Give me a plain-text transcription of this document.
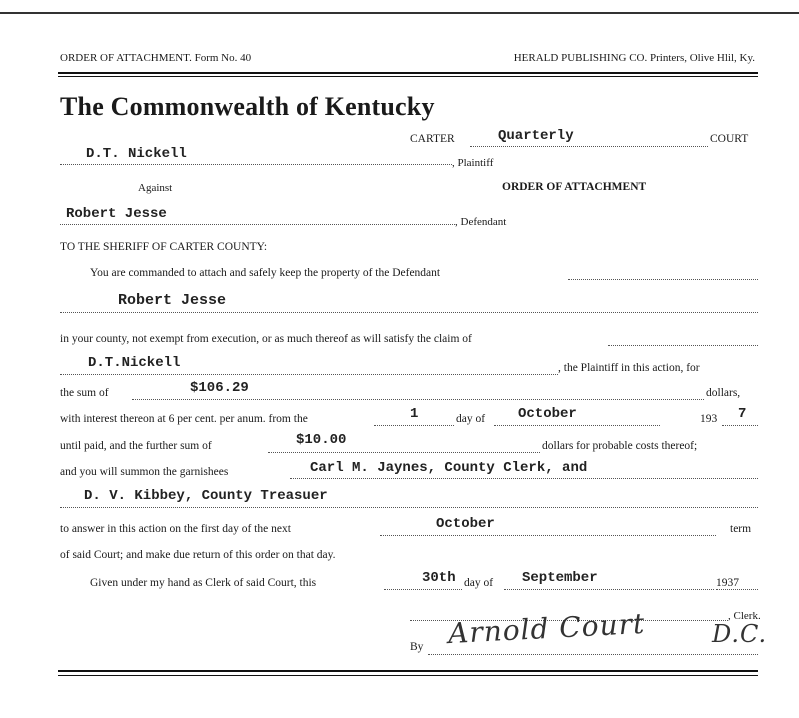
ORDER OF ATTACHMENT. Form No. 40	HERALD PUBLISHING CO. Printers, Olive Hlil, Ky.
The Commonwealth of Kentucky
CARTER	Quarterly	COURT
D.T. Nickell
, Plaintiff
Against	ORDER OF ATTACHMENT
Robert Jesse	, Defendant
TO THE SHERIFF OF CARTER COUNTY:
You are commanded to attach and safely keep the property of the Defendant
Robert Jesse
in your county, not exempt from execution, or as much thereof as will satisfy the claim of
D.T.Nickell	, the Plaintiff in this action, for
the sum of	$106.29	dollars,
with interest thereon at 6 per cent. per anum. from the	1	day of October	193 7
until paid, and the further sum of	$10.00	dollars for probable costs thereof;
and you will summon the garnishees	Carl M. Jaynes, County Clerk, and
D. V. Kibbey, County Treasuer
to answer in this action on the first day of the next	October	term
of said Court; and make due return of this order on that day.
Given under my hand as Clerk of said Court, this	30th day of September	1937
, Clerk.
By Arnold Court	D.C.
